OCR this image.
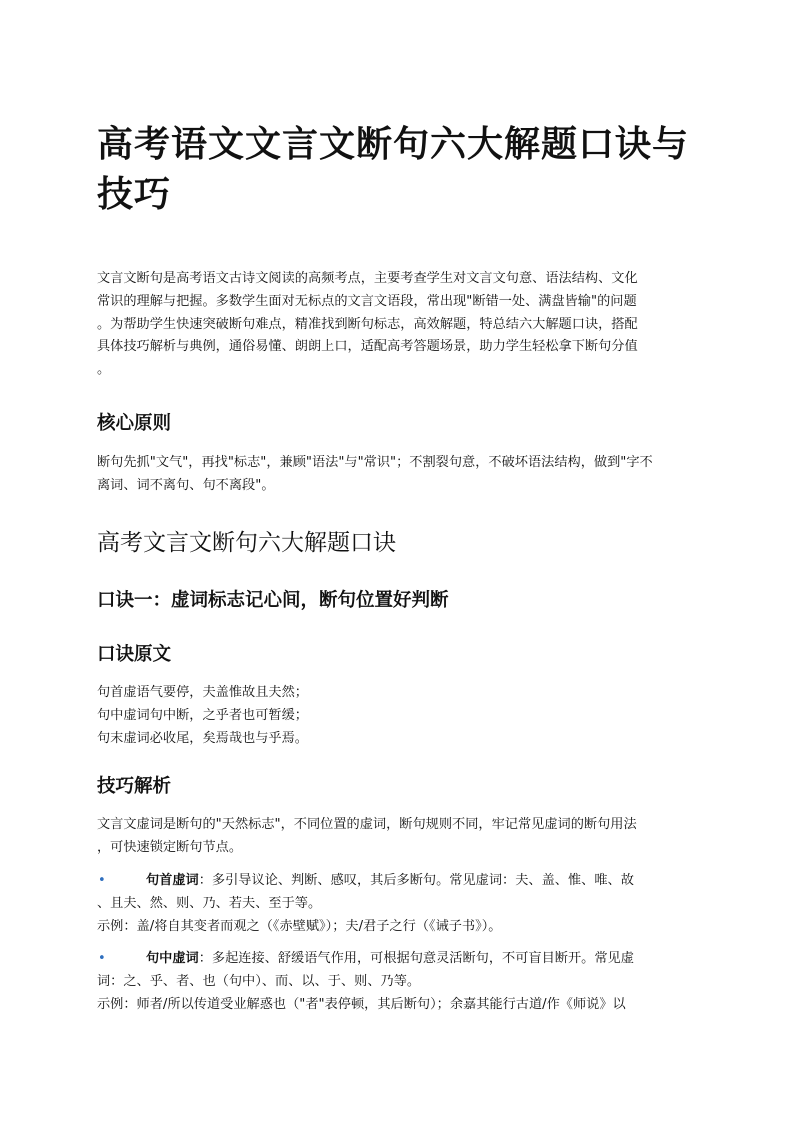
高考语文文言文断句六大解题口诀与技巧
文言文断句是高考语文古诗文阅读的高频考点，主要考查学生对文言文句意、语法结构、文化
常识的理解与把握。多数学生面对无标点的文言文语段，常出现"断错一处、满盘皆输"的问题
。为帮助学生快速突破断句难点，精准找到断句标志，高效解题，特总结六大解题口诀，搭配
具体技巧解析与典例，通俗易懂、朗朗上口，适配高考答题场景，助力学生轻松拿下断句分值
。
核心原则
断句先抓"文气"，再找"标志"，兼顾"语法"与"常识"；不割裂句意，不破坏语法结构，做到"字不
离词、词不离句、句不离段"。
高考文言文断句六大解题口诀
口诀一：虚词标志记心间，断句位置好判断
口诀原文
句首虚语气要停，夫盖惟故且夫然；
句中虚词句中断，之乎者也可暂缓；
句末虚词必收尾，矣焉哉也与乎焉。
技巧解析
文言文虚词是断句的"天然标志"，不同位置的虚词，断句规则不同，牢记常见虚词的断句用法
，可快速锁定断句节点。
•	句首虚词：多引导议论、判断、感叹，其后多断句。常见虚词：夫、盖、惟、唯、故
、且夫、然、则、乃、若夫、至于等。
示例：盖/将自其变者而观之（《赤壁赋》）；夫/君子之行（《诫子书》）。
•	句中虚词：多起连接、舒缓语气作用，可根据句意灵活断句，不可盲目断开。常见虚
词：之、乎、者、也（句中）、而、以、于、则、乃等。
示例：师者/所以传道受业解惑也（"者"表停顿，其后断句）；余嘉其能行古道/作《师说》以
